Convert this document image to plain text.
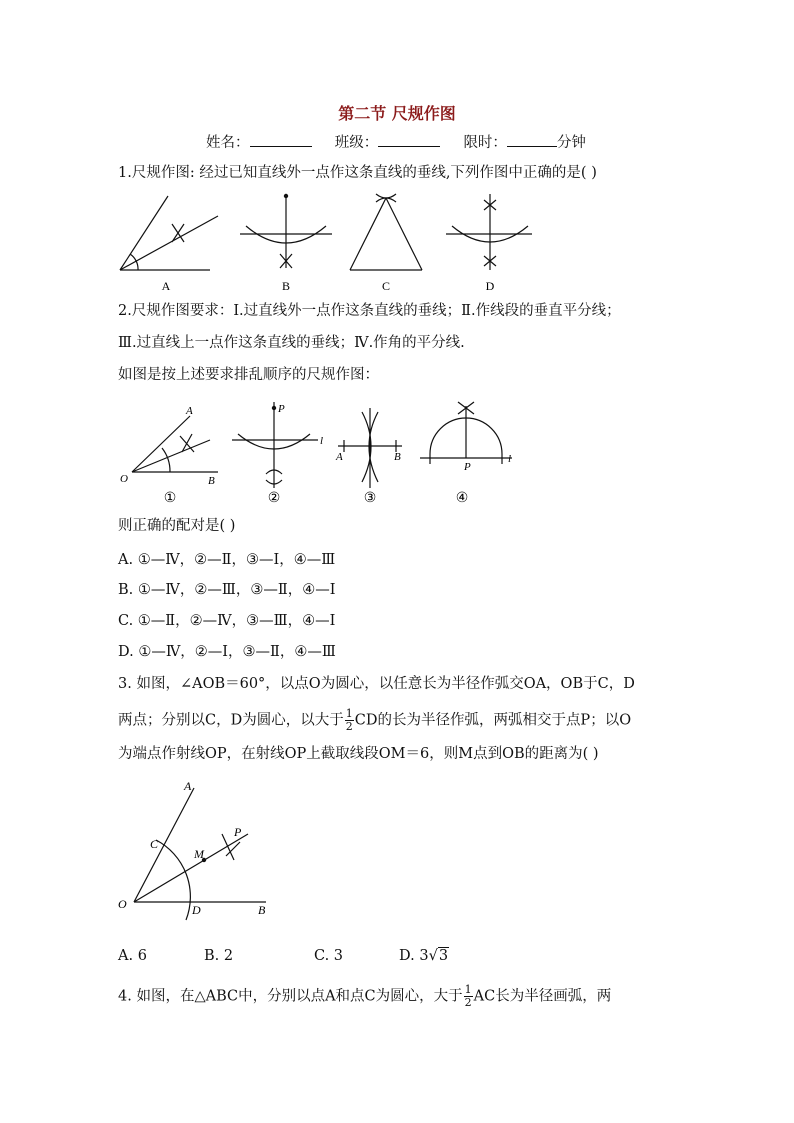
第二节 尺规作图
姓名：	班级：	限时：	分钟
1.尺规作图: 经过已知直线外一点作这条直线的垂线,下列作图中正确的是( )
A	B	C	D
2.尺规作图要求：Ⅰ.过直线外一点作这条直线的垂线；Ⅱ.作线段的垂直平分线；
Ⅲ.过直线上一点作这条直线的垂线；Ⅳ.作角的平分线.
如图是按上述要求排乱顺序的尺规作图：
A
O	B
P
l
A	B
P
l
①	②	③	④
则正确的配对是( )
A. ①—Ⅳ，②—Ⅱ，③—Ⅰ，④—Ⅲ
B. ①—Ⅳ，②—Ⅲ，③—Ⅱ，④—Ⅰ
C. ①—Ⅱ，②—Ⅳ，③—Ⅲ，④—Ⅰ
D. ①—Ⅳ，②—Ⅰ，③—Ⅱ，④—Ⅲ
3. 如图，∠AOB＝60°，以点O为圆心，以任意长为半径作弧交OA，OB于C，D
两点；分别以C，D为圆心，以大于 $\frac{1}{2}$ CD的长为半径作弧，两弧相交于点P；以O
为端点作射线OP，在射线OP上截取线段OM＝6，则M点到OB的距离为( )
A
C
M
P
O	D	B
A. 6	B. 2	C. 3	D. 3√3
4. 如图，在△ABC中，分别以点A和点C为圆心，大于 $\frac{1}{2}$ AC长为半径画弧，两
